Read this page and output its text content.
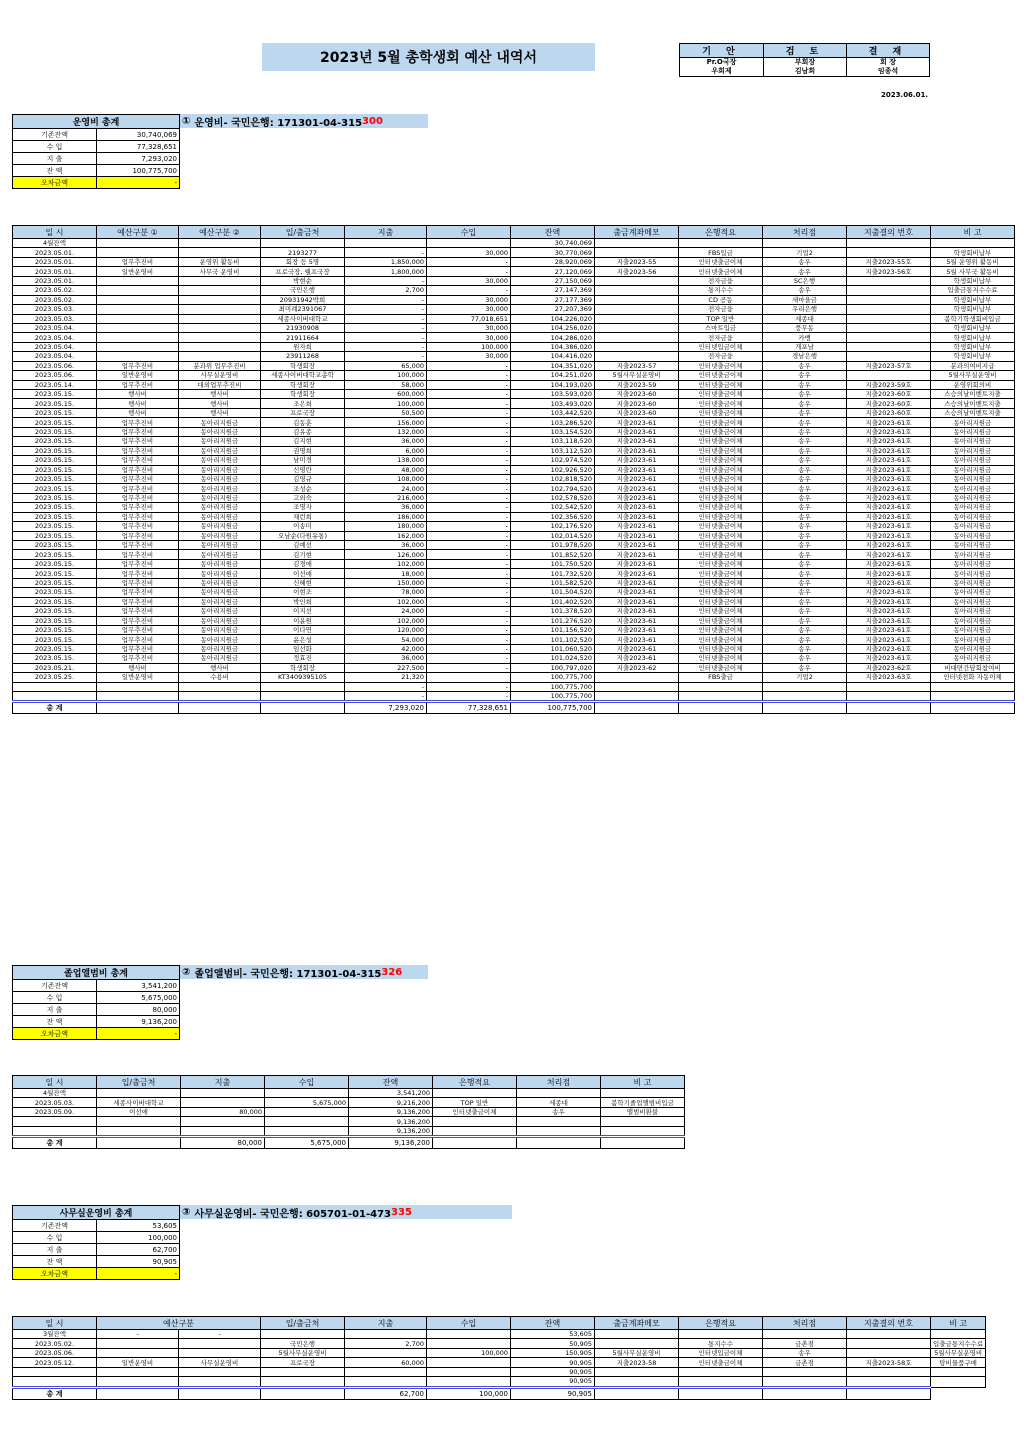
2023년 5월 총학생회 예산 내역서	기 안	검 토	결 재
Pr.O국장	부회장	회 장
우희제	김남희	임종석
2023.06.01.
운영비 총계	
기존잔액	30,740,069
수 입	77,328,651
지 출	7,293,020
잔 액	100,775,700
오차금액	-
① 운영비- 국민은행: 171301-04-315 300
일 시	예산구분 ①	예산구분 ②	입/출금처	지출	수입	잔액	출금계좌메모	은행적요	처리점	지출결의 번호	비 고
4월잔액						30,740,069					
2023.05.01.			2193277	-	30,000	30,770,069		FBS입금	기업2		학생회비납부
2023.05.01.	업무추진비	운영위 활동비	회장 등 5명	1,850,000	-	28,920,069	지출2023-55	인터넷출금이체	송우	지출2023-55호	5월 운영위 활동비
2023.05.01.	일반운영비	사무국 운영비	프로국장, 웰프국장	1,800,000	-	27,120,069	지출2023-56	인터넷출금이체	송우	지출2023-56호	5월 사무국 활동비
2023.05.01.			박현순	-	30,000	27,150,069		전자금융	SC은행		학생회비납부
2023.05.02.			국민은행	2,700	-	27,147,369		통지수수	송우		입출금통지수수료
2023.05.02.			20931942박희	-	30,000	27,177,369		CD 공동	새마을금		학생회비납부
2023.05.03.			최미례2391067	-	30,000	27,207,369		전자금융	우리은행		학생회비납부
2023.05.03.			세종사이버대학교	-	77,018,651	104,226,020		TOP 일반	세종대		봄학기학생회비입금
2023.05.04.			21930908	-	30,000	104,256,020		스마트입금	풍무동		학생회비납부
2023.05.04.			21911664	-	30,000	104,286,020		전자금융	카뱅		학생회비납부
2023.05.04.			원자희	-	100,000	104,386,020		인터넷입금이체	개포남		학생회비납부
2023.05.04.			23911268	-	30,000	104,416,020		전자금융	경남은행		학생회비납부
2023.05.06.	업무추진비	분과위 업무추진비	학생회장	65,000	-	104,351,020	지출2023-57	인터넷출금이체	송우	지출2023-57호	분과의여비지급
2023.05.06.	일반운영비	사무실운영비	세종사이버대학교총학	100,000	-	104,251,020	5월사무실운영비	인터넷출금이체	송우		5월사무실운영비
2023.05.14.	업무추진비	대외업무추진비	학생회장	58,000	-	104,193,020	지출2023-59	인터넷출금이체	송우	지출2023-59호	운영위회의비
2023.05.15.	행사비	행사비	학생회장	600,000	-	103,593,020	지출2023-60	인터넷출금이체	송우	지출2023-60호	스승의날이벤트지출
2023.05.15.	행사비	행사비	조은희	100,000	-	103,493,020	지출2023-60	인터넷출금이체	송우	지출2023-60호	스승의날이벤트지출
2023.05.15.	행사비	행사비	프로국장	50,500	-	103,442,520	지출2023-60	인터넷출금이체	송우	지출2023-60호	스승의날이벤트지출
2023.05.15.	업무추진비	동아리지원금	김동훈	156,000	-	103,286,520	지출2023-61	인터넷출금이체	송우	지출2023-61호	동아리지원금
2023.05.15.	업무추진비	동아리지원금	김유종	132,000	-	103,154,520	지출2023-61	인터넷출금이체	송우	지출2023-61호	동아리지원금
2023.05.15.	업무추진비	동아리지원금	김지현	36,000	-	103,118,520	지출2023-61	인터넷출금이체	송우	지출2023-61호	동아리지원금
2023.05.15.	업무추진비	동아리지원금	권명희	6,000	-	103,112,520	지출2023-61	인터넷출금이체	송우	지출2023-61호	동아리지원금
2023.05.15.	업무추진비	동아리지원금	남미경	138,000	-	102,974,520	지출2023-61	인터넷출금이체	송우	지출2023-61호	동아리지원금
2023.05.15.	업무추진비	동아리지원금	신영란	48,000	-	102,926,520	지출2023-61	인터넷출금이체	송우	지출2023-61호	동아리지원금
2023.05.15.	업무추진비	동아리지원금	김영규	108,000	-	102,818,520	지출2023-61	인터넷출금이체	송우	지출2023-61호	동아리지원금
2023.05.15.	업무추진비	동아리지원금	조성순	24,000	-	102,794,520	지출2023-61	인터넷출금이체	송우	지출2023-61호	동아리지원금
2023.05.15.	업무추진비	동아리지원금	고외숙	216,000	-	102,578,520	지출2023-61	인터넷출금이체	송우	지출2023-61호	동아리지원금
2023.05.15.	업무추진비	동아리지원금	조명자	36,000	-	102,542,520	지출2023-61	인터넷출금이체	송우	지출2023-61호	동아리지원금
2023.05.15.	업무추진비	동아리지원금	채런희	186,000	-	102,356,520	지출2023-61	인터넷출금이체	송우	지출2023-61호	동아리지원금
2023.05.15.	업무추진비	동아리지원금	이송미	180,000	-	102,176,520	지출2023-61	인터넷출금이체	송우	지출2023-61호	동아리지원금
2023.05.15.	업무추진비	동아리지원금	오남순(다원유통)	162,000	-	102,014,520	지출2023-61	인터넷출금이체	송우	지출2023-61호	동아리지원금
2023.05.15.	업무추진비	동아리지원금	김예선	36,000	-	101,978,520	지출2023-61	인터넷출금이체	송우	지출2023-61호	동아리지원금
2023.05.15.	업무추진비	동아리지원금	김기현	126,000	-	101,852,520	지출2023-61	인터넷출금이체	송우	지출2023-61호	동아리지원금
2023.05.15.	업무추진비	동아리지원금	김경애	102,000	-	101,750,520	지출2023-61	인터넷출금이체	송우	지출2023-61호	동아리지원금
2023.05.15.	업무추진비	동아리지원금	이선애	18,000	-	101,732,520	지출2023-61	인터넷출금이체	송우	지출2023-61호	동아리지원금
2023.05.15.	업무추진비	동아리지원금	신혜현	150,000	-	101,582,520	지출2023-61	인터넷출금이체	송우	지출2023-61호	동아리지원금
2023.05.15.	업무추진비	동아리지원금	이현조	78,000	-	101,504,520	지출2023-61	인터넷출금이체	송우	지출2023-61호	동아리지원금
2023.05.15.	업무추진비	동아리지원금	박인희	102,000	-	101,402,520	지출2023-61	인터넷출금이체	송우	지출2023-61호	동아리지원금
2023.05.15.	업무추진비	동아리지원금	이지선	24,000	-	101,378,520	지출2023-61	인터넷출금이체	송우	지출2023-61호	동아리지원금
2023.05.15.	업무추진비	동아리지원금	이윤원	102,000	-	101,276,520	지출2023-61	인터넷출금이체	송우	지출2023-61호	동아리지원금
2023.05.15.	업무추진비	동아리지원금	이다연	120,000	-	101,156,520	지출2023-61	인터넷출금이체	송우	지출2023-61호	동아리지원금
2023.05.15.	업무추진비	동아리지원금	윤은성	54,000	-	101,102,520	지출2023-61	인터넷출금이체	송우	지출2023-61호	동아리지원금
2023.05.15.	업무추진비	동아리지원금	임선화	42,000	-	101,060,520	지출2023-61	인터넷출금이체	송우	지출2023-61호	동아리지원금
2023.05.15.	업무추진비	동아리지원금	정효진	36,000	-	101,024,520	지출2023-61	인터넷출금이체	송우	지출2023-61호	동아리지원금
2023.05.21.	행사비	행사비	학생회장	227,500	-	100,797,020	지출2023-62	인터넷출금이체	송우	지출2023-62호	비대면간담회참여비
2023.05.25.	일반운영비	수용비	KT3409395105	21,320		100,775,700		FBS출금	기업2	지출2023-63호	인터넷전화 자동이체
				-	-	100,775,700					
				-	-	100,775,700					
총 계				7,293,020	77,328,651	100,775,700					
졸업앨범비 총계	
기존잔액	3,541,200
수 입	5,675,000
지 출	80,000
잔 액	9,136,200
오차금액	-
② 졸업앨범비- 국민은행: 171301-04-315 326
일 시	입/출금처	지출	수입	잔액	은행적요	처리점	비 고
4월잔액				3,541,200			
2023.05.03.	세종사이버대학교		5,675,000	9,216,200	TOP 일반	세종대	봄학기졸업앨범비입금
2023.05.09.	이선애	80,000		9,136,200	인터넷출금이체	송우	앨범비환불
				9,136,200			
				9,136,200			
총 계		80,000	5,675,000	9,136,200			
사무실운영비 총계	
기존잔액	53,605
수 입	100,000
지 출	62,700
잔 액	90,905
오차금액	-
③ 사무실운영비- 국민은행: 605701-01-473 335
일 시	예산구분		입/출금처	지출	수입	잔액	출금계좌메모	은행적요	처리점	지출결의 번호	비 고
3월잔액	-	-				53,605					
2023.05.02.			국민은행	2,700		50,905		통지수수	금촌점		입출금통지수수료
2023.05.06.			5월사무실운영비		100,000	150,905	5월사무실운영비	인터넷입금이체	송우		5월사무실운영비
2023.05.12.	일반운영비	사무실운영비	프로국장	60,000		90,905	지출2023-58	인터넷출금이체	금촌점	지출2023-58호	탕비물품구매
						90,905					
						90,905					
총 계				62,700	100,000	90,905					
